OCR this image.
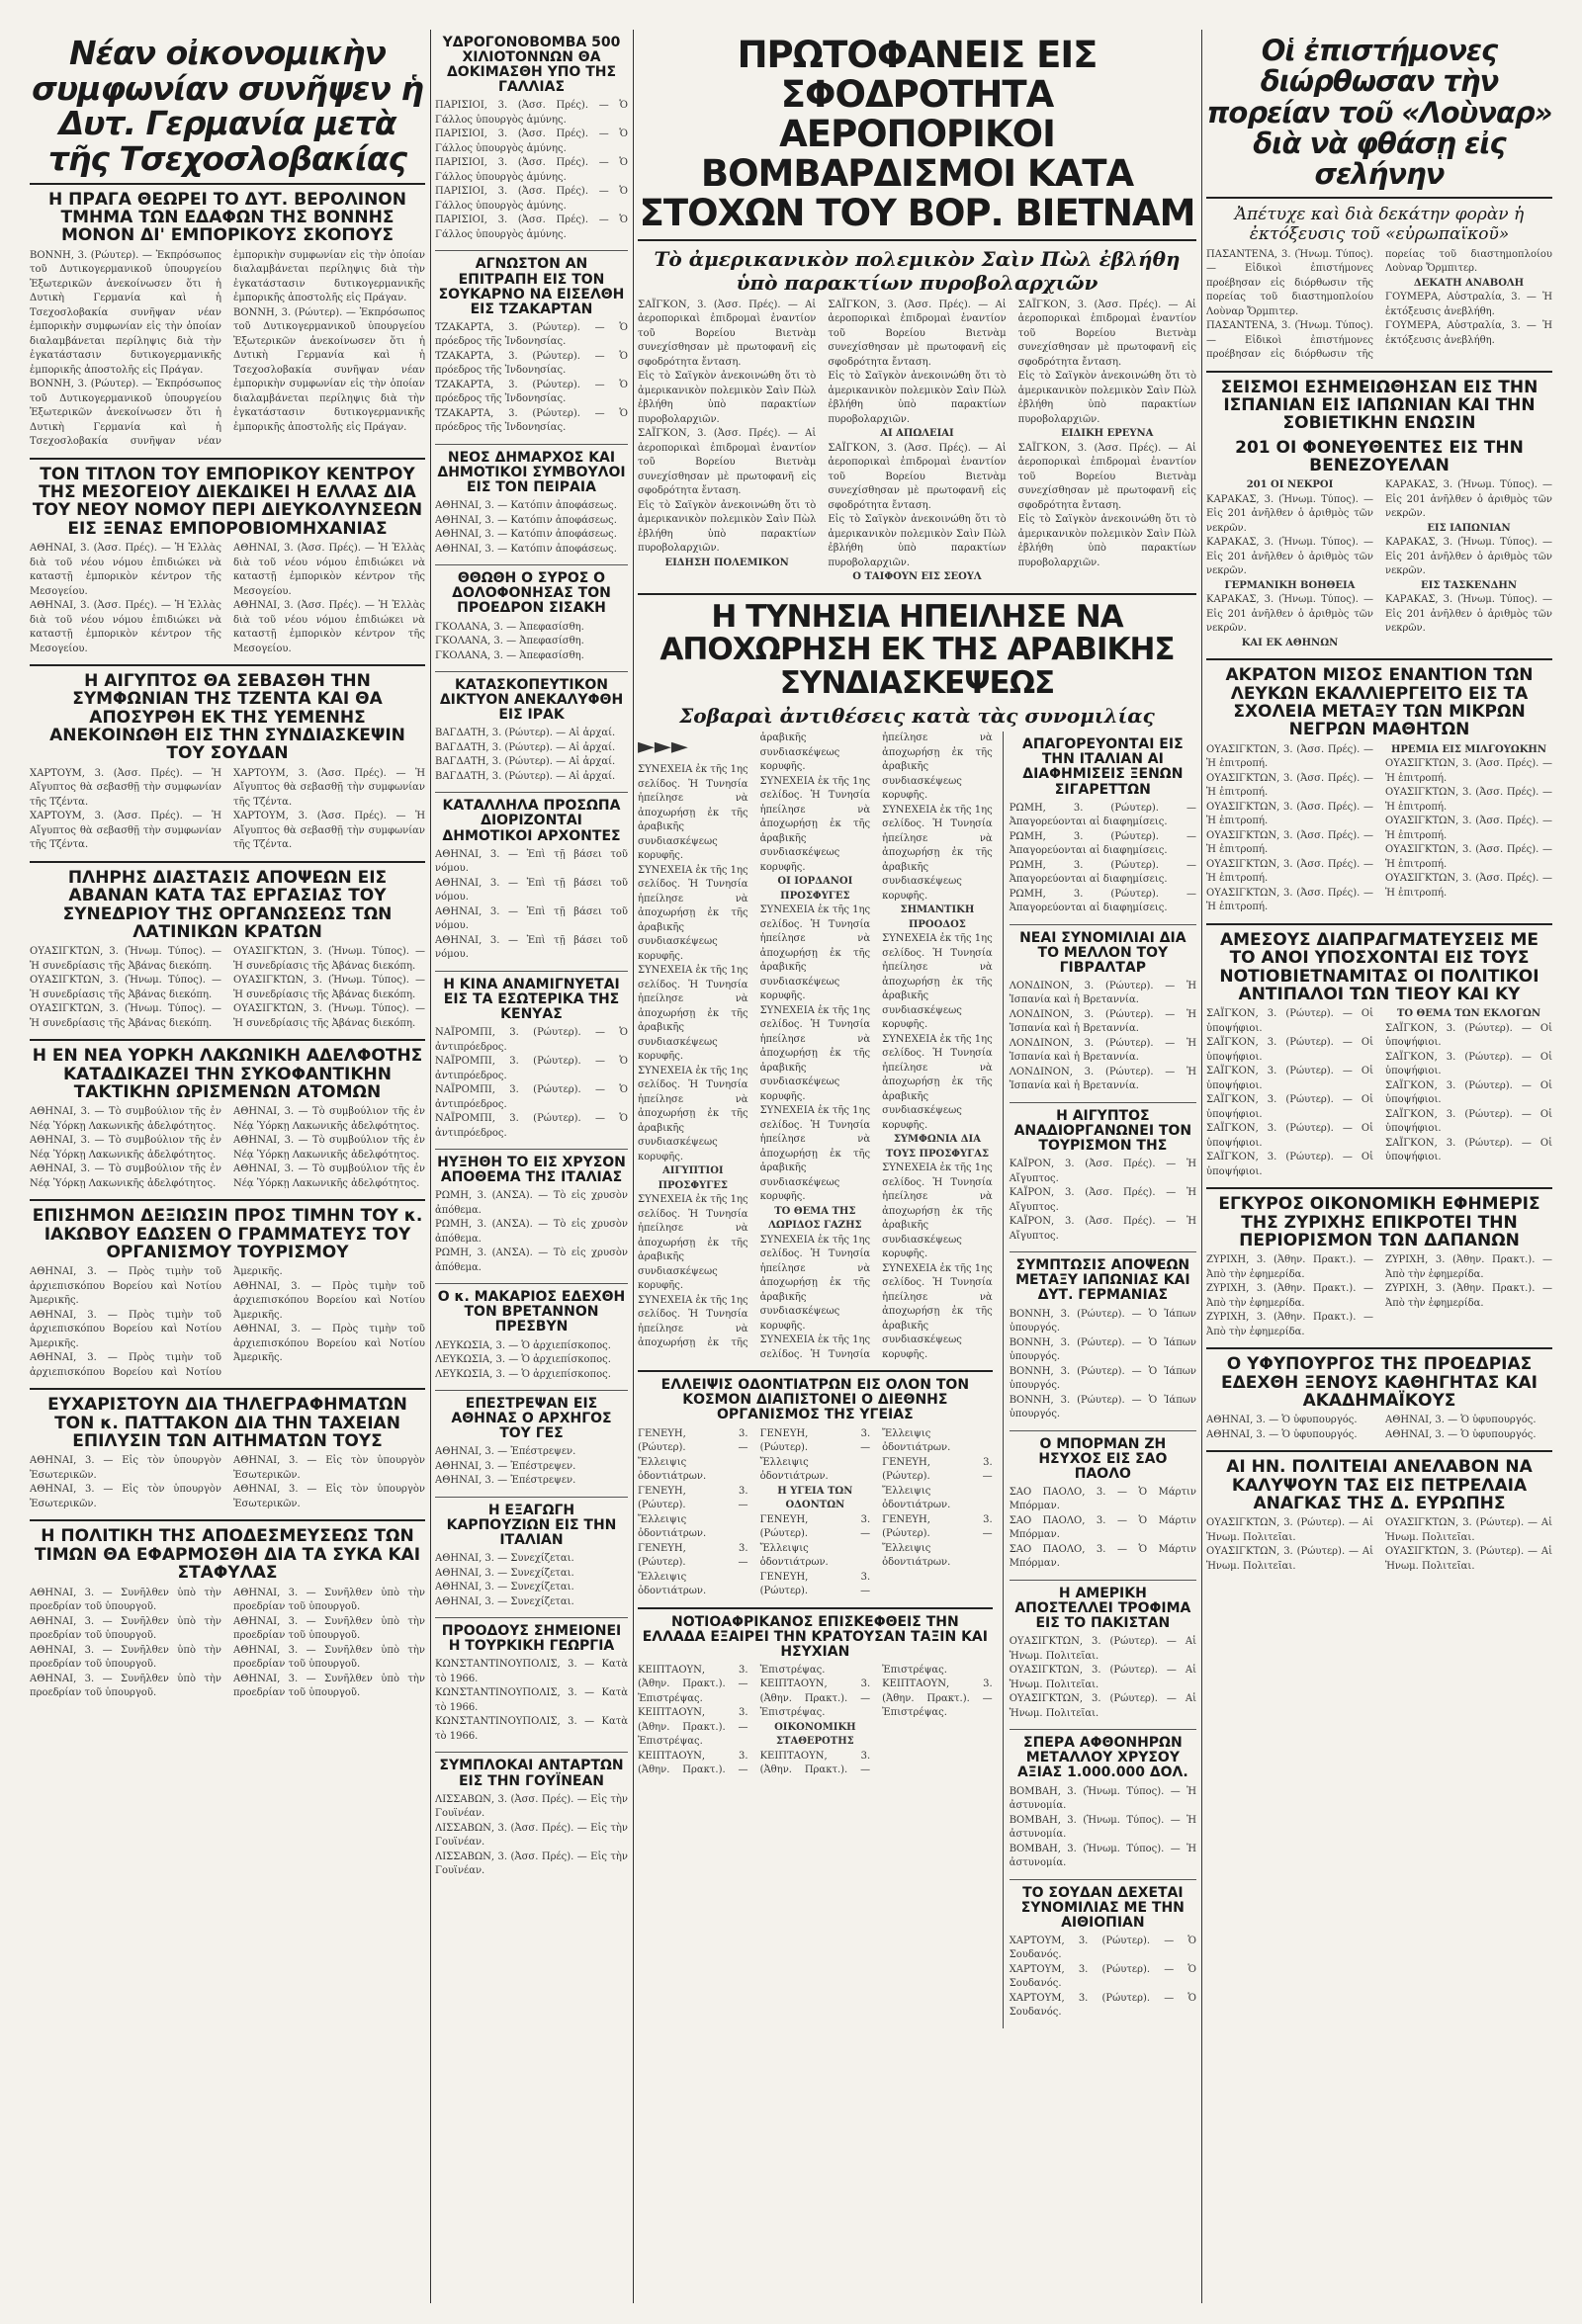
Νέαν οἰκονομικὴν συμφωνίαν συνῆψεν ἡ Δυτ. Γερμανία μετὰ τῆς Τσεχοσλοβακίας
Η ΠΡΑΓΑ ΘΕΩΡΕΙ ΤΟ ΔΥΤ. ΒΕΡΟΛΙΝΟΝ ΤΜΗΜΑ ΤΩΝ ΕΔΑΦΩΝ ΤΗΣ ΒΟΝΝΗΣ ΜΟΝΟΝ ΔΙ' ΕΜΠΟΡΙΚΟΥΣ ΣΚΟΠΟΥΣ
ΒΟΝΝΗ, 3. (Ρώυτερ). — Ἐκπρόσωπος τοῦ Δυτικογερμανικοῦ ὑπουργείου Ἐξωτερικῶν ἀνεκοίνωσεν ὅτι ἡ Δυτικὴ Γερμανία καὶ ἡ Τσεχοσλοβακία συνῆψαν νέαν ἐμπορικὴν συμφωνίαν εἰς τὴν ὁποίαν διαλαμβάνεται περίληψις διὰ τὴν ἐγκατάστασιν δυτικογερμανικῆς ἐμπορικῆς ἀποστολῆς εἰς Πράγαν.
ΒΟΝΝΗ, 3. (Ρώυτερ). — Ἐκπρόσωπος τοῦ Δυτικογερμανικοῦ ὑπουργείου Ἐξωτερικῶν ἀνεκοίνωσεν ὅτι ἡ Δυτικὴ Γερμανία καὶ ἡ Τσεχοσλοβακία συνῆψαν νέαν ἐμπορικὴν συμφωνίαν εἰς τὴν ὁποίαν διαλαμβάνεται περίληψις διὰ τὴν ἐγκατάστασιν δυτικογερμανικῆς ἐμπορικῆς ἀποστολῆς εἰς Πράγαν.
ΒΟΝΝΗ, 3. (Ρώυτερ). — Ἐκπρόσωπος τοῦ Δυτικογερμανικοῦ ὑπουργείου Ἐξωτερικῶν ἀνεκοίνωσεν ὅτι ἡ Δυτικὴ Γερμανία καὶ ἡ Τσεχοσλοβακία συνῆψαν νέαν ἐμπορικὴν συμφωνίαν εἰς τὴν ὁποίαν διαλαμβάνεται περίληψις διὰ τὴν ἐγκατάστασιν δυτικογερμανικῆς ἐμπορικῆς ἀποστολῆς εἰς Πράγαν.
ΤΟΝ ΤΙΤΛΟΝ ΤΟΥ ΕΜΠΟΡΙΚΟΥ ΚΕΝΤΡΟΥ ΤΗΣ ΜΕΣΟΓΕΙΟΥ ΔΙΕΚΔΙΚΕΙ Η ΕΛΛΑΣ ΔΙΑ ΤΟΥ ΝΕΟΥ ΝΟΜΟΥ ΠΕΡΙ ΔΙΕΥΚΟΛΥΝΣΕΩΝ ΕΙΣ ΞΕΝΑΣ ΕΜΠΟΡΟΒΙΟΜΗΧΑΝΙΑΣ
ΑΘΗΝΑΙ, 3. (Ἀσσ. Πρές). — Ἡ Ἑλλὰς διὰ τοῦ νέου νόμου ἐπιδιώκει νὰ καταστῇ ἐμπορικὸν κέντρον τῆς Μεσογείου.
ΑΘΗΝΑΙ, 3. (Ἀσσ. Πρές). — Ἡ Ἑλλὰς διὰ τοῦ νέου νόμου ἐπιδιώκει νὰ καταστῇ ἐμπορικὸν κέντρον τῆς Μεσογείου.
ΑΘΗΝΑΙ, 3. (Ἀσσ. Πρές). — Ἡ Ἑλλὰς διὰ τοῦ νέου νόμου ἐπιδιώκει νὰ καταστῇ ἐμπορικὸν κέντρον τῆς Μεσογείου.
ΑΘΗΝΑΙ, 3. (Ἀσσ. Πρές). — Ἡ Ἑλλὰς διὰ τοῦ νέου νόμου ἐπιδιώκει νὰ καταστῇ ἐμπορικὸν κέντρον τῆς Μεσογείου.
Η ΑΙΓΥΠΤΟΣ ΘΑ ΣΕΒΑΣΘΗ ΤΗΝ ΣΥΜΦΩΝΙΑΝ ΤΗΣ ΤΖΕΝΤΑ ΚΑΙ ΘΑ ΑΠΟΣΥΡΘΗ ΕΚ ΤΗΣ ΥΕΜΕΝΗΣ ΑΝΕΚΟΙΝΩΘΗ ΕΙΣ ΤΗΝ ΣΥΝΔΙΑΣΚΕΨΙΝ ΤΟΥ ΣΟΥΔΑΝ
ΧΑΡΤΟΥΜ, 3. (Ἀσσ. Πρές). — Ἡ Αἴγυπτος θὰ σεβασθῇ τὴν συμφωνίαν τῆς Τζέντα.
ΧΑΡΤΟΥΜ, 3. (Ἀσσ. Πρές). — Ἡ Αἴγυπτος θὰ σεβασθῇ τὴν συμφωνίαν τῆς Τζέντα.
ΧΑΡΤΟΥΜ, 3. (Ἀσσ. Πρές). — Ἡ Αἴγυπτος θὰ σεβασθῇ τὴν συμφωνίαν τῆς Τζέντα.
ΧΑΡΤΟΥΜ, 3. (Ἀσσ. Πρές). — Ἡ Αἴγυπτος θὰ σεβασθῇ τὴν συμφωνίαν τῆς Τζέντα.
ΠΛΗΡΗΣ ΔΙΑΣΤΑΣΙΣ ΑΠΟΨΕΩΝ ΕΙΣ ΑΒΑΝΑΝ ΚΑΤΑ ΤΑΣ ΕΡΓΑΣΙΑΣ ΤΟΥ ΣΥΝΕΔΡΙΟΥ ΤΗΣ ΟΡΓΑΝΩΣΕΩΣ ΤΩΝ ΛΑΤΙΝΙΚΩΝ ΚΡΑΤΩΝ
ΟΥΑΣΙΓΚΤΩΝ, 3. (Ἡνωμ. Τύπος). — Ἡ συνεδρίασις τῆς Ἀβάνας διεκόπη.
ΟΥΑΣΙΓΚΤΩΝ, 3. (Ἡνωμ. Τύπος). — Ἡ συνεδρίασις τῆς Ἀβάνας διεκόπη.
ΟΥΑΣΙΓΚΤΩΝ, 3. (Ἡνωμ. Τύπος). — Ἡ συνεδρίασις τῆς Ἀβάνας διεκόπη.
ΟΥΑΣΙΓΚΤΩΝ, 3. (Ἡνωμ. Τύπος). — Ἡ συνεδρίασις τῆς Ἀβάνας διεκόπη.
ΟΥΑΣΙΓΚΤΩΝ, 3. (Ἡνωμ. Τύπος). — Ἡ συνεδρίασις τῆς Ἀβάνας διεκόπη.
ΟΥΑΣΙΓΚΤΩΝ, 3. (Ἡνωμ. Τύπος). — Ἡ συνεδρίασις τῆς Ἀβάνας διεκόπη.
Η ΕΝ ΝΕΑ ΥΟΡΚΗ ΛΑΚΩΝΙΚΗ ΑΔΕΛΦΟΤΗΣ ΚΑΤΑΔΙΚΑΖΕΙ ΤΗΝ ΣΥΚΟΦΑΝΤΙΚΗΝ ΤΑΚΤΙΚΗΝ ΩΡΙΣΜΕΝΩΝ ΑΤΟΜΩΝ
ΑΘΗΝΑΙ, 3. — Τὸ συμβούλιον τῆς ἐν Νέᾳ Ὑόρκῃ Λακωνικῆς ἀδελφότητος.
ΑΘΗΝΑΙ, 3. — Τὸ συμβούλιον τῆς ἐν Νέᾳ Ὑόρκῃ Λακωνικῆς ἀδελφότητος.
ΑΘΗΝΑΙ, 3. — Τὸ συμβούλιον τῆς ἐν Νέᾳ Ὑόρκῃ Λακωνικῆς ἀδελφότητος.
ΑΘΗΝΑΙ, 3. — Τὸ συμβούλιον τῆς ἐν Νέᾳ Ὑόρκῃ Λακωνικῆς ἀδελφότητος.
ΑΘΗΝΑΙ, 3. — Τὸ συμβούλιον τῆς ἐν Νέᾳ Ὑόρκῃ Λακωνικῆς ἀδελφότητος.
ΑΘΗΝΑΙ, 3. — Τὸ συμβούλιον τῆς ἐν Νέᾳ Ὑόρκῃ Λακωνικῆς ἀδελφότητος.
ΕΠΙΣΗΜΟΝ ΔΕΞΙΩΣΙΝ ΠΡΟΣ ΤΙΜΗΝ ΤΟΥ κ. ΙΑΚΩΒΟΥ ΕΔΩΣΕΝ Ο ΓΡΑΜΜΑΤΕΥΣ ΤΟΥ ΟΡΓΑΝΙΣΜΟΥ ΤΟΥΡΙΣΜΟΥ
ΑΘΗΝΑΙ, 3. — Πρὸς τιμὴν τοῦ ἀρχιεπισκόπου Βορείου καὶ Νοτίου Ἀμερικῆς.
ΑΘΗΝΑΙ, 3. — Πρὸς τιμὴν τοῦ ἀρχιεπισκόπου Βορείου καὶ Νοτίου Ἀμερικῆς.
ΑΘΗΝΑΙ, 3. — Πρὸς τιμὴν τοῦ ἀρχιεπισκόπου Βορείου καὶ Νοτίου Ἀμερικῆς.
ΑΘΗΝΑΙ, 3. — Πρὸς τιμὴν τοῦ ἀρχιεπισκόπου Βορείου καὶ Νοτίου Ἀμερικῆς.
ΑΘΗΝΑΙ, 3. — Πρὸς τιμὴν τοῦ ἀρχιεπισκόπου Βορείου καὶ Νοτίου Ἀμερικῆς.
ΕΥΧΑΡΙΣΤΟΥΝ ΔΙΑ ΤΗΛΕΓΡΑΦΗΜΑΤΩΝ ΤΟΝ κ. ΠΑΤΤΑΚΟΝ ΔΙΑ ΤΗΝ ΤΑΧΕΙΑΝ ΕΠΙΛΥΣΙΝ ΤΩΝ ΑΙΤΗΜΑΤΩΝ ΤΟΥΣ
ΑΘΗΝΑΙ, 3. — Εἰς τὸν ὑπουργὸν Ἐσωτερικῶν.
ΑΘΗΝΑΙ, 3. — Εἰς τὸν ὑπουργὸν Ἐσωτερικῶν.
ΑΘΗΝΑΙ, 3. — Εἰς τὸν ὑπουργὸν Ἐσωτερικῶν.
ΑΘΗΝΑΙ, 3. — Εἰς τὸν ὑπουργὸν Ἐσωτερικῶν.
Η ΠΟΛΙΤΙΚΗ ΤΗΣ ΑΠΟΔΕΣΜΕΥΣΕΩΣ ΤΩΝ ΤΙΜΩΝ ΘΑ ΕΦΑΡΜΟΣΘΗ ΔΙΑ ΤΑ ΣΥΚΑ ΚΑΙ ΣΤΑΦΥΛΑΣ
ΑΘΗΝΑΙ, 3. — Συνῆλθεν ὑπὸ τὴν προεδρίαν τοῦ ὑπουργοῦ.
ΑΘΗΝΑΙ, 3. — Συνῆλθεν ὑπὸ τὴν προεδρίαν τοῦ ὑπουργοῦ.
ΑΘΗΝΑΙ, 3. — Συνῆλθεν ὑπὸ τὴν προεδρίαν τοῦ ὑπουργοῦ.
ΑΘΗΝΑΙ, 3. — Συνῆλθεν ὑπὸ τὴν προεδρίαν τοῦ ὑπουργοῦ.
ΑΘΗΝΑΙ, 3. — Συνῆλθεν ὑπὸ τὴν προεδρίαν τοῦ ὑπουργοῦ.
ΑΘΗΝΑΙ, 3. — Συνῆλθεν ὑπὸ τὴν προεδρίαν τοῦ ὑπουργοῦ.
ΑΘΗΝΑΙ, 3. — Συνῆλθεν ὑπὸ τὴν προεδρίαν τοῦ ὑπουργοῦ.
ΑΘΗΝΑΙ, 3. — Συνῆλθεν ὑπὸ τὴν προεδρίαν τοῦ ὑπουργοῦ.
ΥΔΡΟΓΟΝΟΒΟΜΒΑ 500 ΧΙΛΙΟΤΟΝΝΩΝ ΘΑ ΔΟΚΙΜΑΣΘΗ ΥΠΟ ΤΗΣ ΓΑΛΛΙΑΣ
ΠΑΡΙΣΙΟΙ, 3. (Ἀσσ. Πρές). — Ὁ Γάλλος ὑπουργὸς ἀμύνης.
ΠΑΡΙΣΙΟΙ, 3. (Ἀσσ. Πρές). — Ὁ Γάλλος ὑπουργὸς ἀμύνης.
ΠΑΡΙΣΙΟΙ, 3. (Ἀσσ. Πρές). — Ὁ Γάλλος ὑπουργὸς ἀμύνης.
ΠΑΡΙΣΙΟΙ, 3. (Ἀσσ. Πρές). — Ὁ Γάλλος ὑπουργὸς ἀμύνης.
ΠΑΡΙΣΙΟΙ, 3. (Ἀσσ. Πρές). — Ὁ Γάλλος ὑπουργὸς ἀμύνης.
ΑΓΝΩΣΤΟΝ ΑΝ ΕΠΙΤΡΑΠΗ ΕΙΣ ΤΟΝ ΣΟΥΚΑΡΝΟ ΝΑ ΕΙΣΕΛΘΗ ΕΙΣ ΤΖΑΚΑΡΤΑΝ
ΤΖΑΚΑΡΤΑ, 3. (Ρώυτερ). — Ὁ πρόεδρος τῆς Ἰνδονησίας.
ΤΖΑΚΑΡΤΑ, 3. (Ρώυτερ). — Ὁ πρόεδρος τῆς Ἰνδονησίας.
ΤΖΑΚΑΡΤΑ, 3. (Ρώυτερ). — Ὁ πρόεδρος τῆς Ἰνδονησίας.
ΤΖΑΚΑΡΤΑ, 3. (Ρώυτερ). — Ὁ πρόεδρος τῆς Ἰνδονησίας.
ΝΕΟΣ ΔΗΜΑΡΧΟΣ ΚΑΙ ΔΗΜΟΤΙΚΟΙ ΣΥΜΒΟΥΛΟΙ ΕΙΣ ΤΟΝ ΠΕΙΡΑΙΑ
ΑΘΗΝΑΙ, 3. — Κατόπιν ἀποφάσεως.
ΑΘΗΝΑΙ, 3. — Κατόπιν ἀποφάσεως.
ΑΘΗΝΑΙ, 3. — Κατόπιν ἀποφάσεως.
ΑΘΗΝΑΙ, 3. — Κατόπιν ἀποφάσεως.
ΘΘΩΘΗ Ο ΣΥΡΟΣ Ο ΔΟΛΟΦΟΝΗΣΑΣ ΤΟΝ ΠΡΟΕΔΡΟΝ ΣΙΣΑΚΗ
ΓΚΟΛΑΝΑ, 3. — Ἀπεφασίσθη.
ΓΚΟΛΑΝΑ, 3. — Ἀπεφασίσθη.
ΓΚΟΛΑΝΑ, 3. — Ἀπεφασίσθη.
ΚΑΤΑΣΚΟΠΕΥΤΙΚΟΝ ΔΙΚΤΥΟΝ ΑΝΕΚΑΛΥΦΘΗ ΕΙΣ ΙΡΑΚ
ΒΑΓΔΑΤΗ, 3. (Ρώυτερ). — Αἱ ἀρχαί.
ΒΑΓΔΑΤΗ, 3. (Ρώυτερ). — Αἱ ἀρχαί.
ΒΑΓΔΑΤΗ, 3. (Ρώυτερ). — Αἱ ἀρχαί.
ΒΑΓΔΑΤΗ, 3. (Ρώυτερ). — Αἱ ἀρχαί.
ΚΑΤΑΛΛΗΛΑ ΠΡΟΣΩΠΑ ΔΙΟΡΙΖΟΝΤΑΙ ΔΗΜΟΤΙΚΟΙ ΑΡΧΟΝΤΕΣ
ΑΘΗΝΑΙ, 3. — Ἐπὶ τῇ βάσει τοῦ νόμου.
ΑΘΗΝΑΙ, 3. — Ἐπὶ τῇ βάσει τοῦ νόμου.
ΑΘΗΝΑΙ, 3. — Ἐπὶ τῇ βάσει τοῦ νόμου.
ΑΘΗΝΑΙ, 3. — Ἐπὶ τῇ βάσει τοῦ νόμου.
Η ΚΙΝΑ ΑΝΑΜΙΓΝΥΕΤΑΙ ΕΙΣ ΤΑ ΕΣΩΤΕΡΙΚΑ ΤΗΣ ΚΕΝΥΑΣ
ΝΑΪΡΟΜΠΙ, 3. (Ρώυτερ). — Ὁ ἀντιπρόεδρος.
ΝΑΪΡΟΜΠΙ, 3. (Ρώυτερ). — Ὁ ἀντιπρόεδρος.
ΝΑΪΡΟΜΠΙ, 3. (Ρώυτερ). — Ὁ ἀντιπρόεδρος.
ΝΑΪΡΟΜΠΙ, 3. (Ρώυτερ). — Ὁ ἀντιπρόεδρος.
ΗΥΞΗΘΗ ΤΟ ΕΙΣ ΧΡΥΣΟΝ ΑΠΟΘΕΜΑ ΤΗΣ ΙΤΑΛΙΑΣ
ΡΩΜΗ, 3. (ΑΝΣΑ). — Τὸ εἰς χρυσὸν ἀπόθεμα.
ΡΩΜΗ, 3. (ΑΝΣΑ). — Τὸ εἰς χρυσὸν ἀπόθεμα.
ΡΩΜΗ, 3. (ΑΝΣΑ). — Τὸ εἰς χρυσὸν ἀπόθεμα.
Ο κ. ΜΑΚΑΡΙΟΣ ΕΔΕΧΘΗ ΤΟΝ ΒΡΕΤΑΝΝΟΝ ΠΡΕΣΒΥΝ
ΛΕΥΚΩΣΙΑ, 3. — Ὁ ἀρχιεπίσκοπος.
ΛΕΥΚΩΣΙΑ, 3. — Ὁ ἀρχιεπίσκοπος.
ΛΕΥΚΩΣΙΑ, 3. — Ὁ ἀρχιεπίσκοπος.
ΕΠΕΣΤΡΕΨΑΝ ΕΙΣ ΑΘΗΝΑΣ Ο ΑΡΧΗΓΟΣ ΤΟΥ ΓΕΣ
ΑΘΗΝΑΙ, 3. — Ἐπέστρεψεν.
ΑΘΗΝΑΙ, 3. — Ἐπέστρεψεν.
ΑΘΗΝΑΙ, 3. — Ἐπέστρεψεν.
Η ΕΞΑΓΩΓΗ ΚΑΡΠΟΥΖΙΩΝ ΕΙΣ ΤΗΝ ΙΤΑΛΙΑΝ
ΑΘΗΝΑΙ, 3. — Συνεχίζεται.
ΑΘΗΝΑΙ, 3. — Συνεχίζεται.
ΑΘΗΝΑΙ, 3. — Συνεχίζεται.
ΑΘΗΝΑΙ, 3. — Συνεχίζεται.
ΠΡΟΟΔΟΥΣ ΣΗΜΕΙΟΝΕΙ Η ΤΟΥΡΚΙΚΗ ΓΕΩΡΓΙΑ
ΚΩΝΣΤΑΝΤΙΝΟΥΠΟΛΙΣ, 3. — Κατὰ τὸ 1966.
ΚΩΝΣΤΑΝΤΙΝΟΥΠΟΛΙΣ, 3. — Κατὰ τὸ 1966.
ΚΩΝΣΤΑΝΤΙΝΟΥΠΟΛΙΣ, 3. — Κατὰ τὸ 1966.
ΣΥΜΠΛΟΚΑΙ ΑΝΤΑΡΤΩΝ ΕΙΣ ΤΗΝ ΓΟΥΪΝΕΑΝ
ΛΙΣΣΑΒΩΝ, 3. (Ἀσσ. Πρές). — Εἰς τὴν Γουϊνέαν.
ΛΙΣΣΑΒΩΝ, 3. (Ἀσσ. Πρές). — Εἰς τὴν Γουϊνέαν.
ΛΙΣΣΑΒΩΝ, 3. (Ἀσσ. Πρές). — Εἰς τὴν Γουϊνέαν.
ΠΡΩΤΟΦΑΝΕΙΣ ΕΙΣ ΣΦΟΔΡΟΤΗΤΑ ΑΕΡΟΠΟΡΙΚΟΙ ΒΟΜΒΑΡΔΙΣΜΟΙ ΚΑΤΑ ΣΤΟΧΩΝ ΤΟΥ ΒΟΡ. ΒΙΕΤΝΑΜ
Τὸ ἀμερικανικὸν πολεμικὸν Σαὶν Πὼλ ἐβλήθη ὑπὸ παρακτίων πυροβολαρχιῶν
ΣΑΪΓΚΟΝ, 3. (Ἀσσ. Πρές). — Αἱ ἀεροπορικαὶ ἐπιδρομαὶ ἐναντίον τοῦ Βορείου Βιετνὰμ συνεχίσθησαν μὲ πρωτοφανῆ εἰς σφοδρότητα ἔνταση.
Εἰς τὸ Σαϊγκὸν ἀνεκοινώθη ὅτι τὸ ἀμερικανικὸν πολεμικὸν Σαὶν Πὼλ ἐβλήθη ὑπὸ παρακτίων πυροβολαρχιῶν.
ΣΑΪΓΚΟΝ, 3. (Ἀσσ. Πρές). — Αἱ ἀεροπορικαὶ ἐπιδρομαὶ ἐναντίον τοῦ Βορείου Βιετνὰμ συνεχίσθησαν μὲ πρωτοφανῆ εἰς σφοδρότητα ἔνταση.
Εἰς τὸ Σαϊγκὸν ἀνεκοινώθη ὅτι τὸ ἀμερικανικὸν πολεμικὸν Σαὶν Πὼλ ἐβλήθη ὑπὸ παρακτίων πυροβολαρχιῶν.
ΕΙΔΗΣΗ ΠΟΛΕΜΙΚΟΝ
ΣΑΪΓΚΟΝ, 3. (Ἀσσ. Πρές). — Αἱ ἀεροπορικαὶ ἐπιδρομαὶ ἐναντίον τοῦ Βορείου Βιετνὰμ συνεχίσθησαν μὲ πρωτοφανῆ εἰς σφοδρότητα ἔνταση.
Εἰς τὸ Σαϊγκὸν ἀνεκοινώθη ὅτι τὸ ἀμερικανικὸν πολεμικὸν Σαὶν Πὼλ ἐβλήθη ὑπὸ παρακτίων πυροβολαρχιῶν.
ΑΙ ΑΠΩΛΕΙΑΙ
ΣΑΪΓΚΟΝ, 3. (Ἀσσ. Πρές). — Αἱ ἀεροπορικαὶ ἐπιδρομαὶ ἐναντίον τοῦ Βορείου Βιετνὰμ συνεχίσθησαν μὲ πρωτοφανῆ εἰς σφοδρότητα ἔνταση.
Εἰς τὸ Σαϊγκὸν ἀνεκοινώθη ὅτι τὸ ἀμερικανικὸν πολεμικὸν Σαὶν Πὼλ ἐβλήθη ὑπὸ παρακτίων πυροβολαρχιῶν.
Ο ΤΑΙΦΟΥΝ ΕΙΣ ΣΕΟΥΛ
ΣΑΪΓΚΟΝ, 3. (Ἀσσ. Πρές). — Αἱ ἀεροπορικαὶ ἐπιδρομαὶ ἐναντίον τοῦ Βορείου Βιετνὰμ συνεχίσθησαν μὲ πρωτοφανῆ εἰς σφοδρότητα ἔνταση.
Εἰς τὸ Σαϊγκὸν ἀνεκοινώθη ὅτι τὸ ἀμερικανικὸν πολεμικὸν Σαὶν Πὼλ ἐβλήθη ὑπὸ παρακτίων πυροβολαρχιῶν.
ΕΙΔΙΚΗ ΕΡΕΥΝΑ
ΣΑΪΓΚΟΝ, 3. (Ἀσσ. Πρές). — Αἱ ἀεροπορικαὶ ἐπιδρομαὶ ἐναντίον τοῦ Βορείου Βιετνὰμ συνεχίσθησαν μὲ πρωτοφανῆ εἰς σφοδρότητα ἔνταση.
Εἰς τὸ Σαϊγκὸν ἀνεκοινώθη ὅτι τὸ ἀμερικανικὸν πολεμικὸν Σαὶν Πὼλ ἐβλήθη ὑπὸ παρακτίων πυροβολαρχιῶν.
Η ΤΥΝΗΣΙΑ ΗΠΕΙΛΗΣΕ ΝΑ ΑΠΟΧΩΡΗΣΗ ΕΚ ΤΗΣ ΑΡΑΒΙΚΗΣ ΣΥΝΔΙΑΣΚΕΨΕΩΣ
Σοβαραὶ ἀντιθέσεις κατὰ τὰς συνομιλίας
►►►
ΣΥΝΕΧΕΙΑ ἐκ τῆς 1ης σελίδος. Ἡ Τυνησία ἠπείλησε νὰ ἀποχωρήσῃ ἐκ τῆς ἀραβικῆς συνδιασκέψεως κορυφῆς.
ΣΥΝΕΧΕΙΑ ἐκ τῆς 1ης σελίδος. Ἡ Τυνησία ἠπείλησε νὰ ἀποχωρήσῃ ἐκ τῆς ἀραβικῆς συνδιασκέψεως κορυφῆς.
ΣΥΝΕΧΕΙΑ ἐκ τῆς 1ης σελίδος. Ἡ Τυνησία ἠπείλησε νὰ ἀποχωρήσῃ ἐκ τῆς ἀραβικῆς συνδιασκέψεως κορυφῆς.
ΣΥΝΕΧΕΙΑ ἐκ τῆς 1ης σελίδος. Ἡ Τυνησία ἠπείλησε νὰ ἀποχωρήσῃ ἐκ τῆς ἀραβικῆς συνδιασκέψεως κορυφῆς.
ΑΙΓΥΠΤΙΟΙ ΠΡΟΣΦΥΓΕΣ
ΣΥΝΕΧΕΙΑ ἐκ τῆς 1ης σελίδος. Ἡ Τυνησία ἠπείλησε νὰ ἀποχωρήσῃ ἐκ τῆς ἀραβικῆς συνδιασκέψεως κορυφῆς.
ΣΥΝΕΧΕΙΑ ἐκ τῆς 1ης σελίδος. Ἡ Τυνησία ἠπείλησε νὰ ἀποχωρήσῃ ἐκ τῆς ἀραβικῆς συνδιασκέψεως κορυφῆς.
ΣΥΝΕΧΕΙΑ ἐκ τῆς 1ης σελίδος. Ἡ Τυνησία ἠπείλησε νὰ ἀποχωρήσῃ ἐκ τῆς ἀραβικῆς συνδιασκέψεως κορυφῆς.
ΟΙ ΙΟΡΔΑΝΟΙ ΠΡΟΣΦΥΓΕΣ
ΣΥΝΕΧΕΙΑ ἐκ τῆς 1ης σελίδος. Ἡ Τυνησία ἠπείλησε νὰ ἀποχωρήσῃ ἐκ τῆς ἀραβικῆς συνδιασκέψεως κορυφῆς.
ΣΥΝΕΧΕΙΑ ἐκ τῆς 1ης σελίδος. Ἡ Τυνησία ἠπείλησε νὰ ἀποχωρήσῃ ἐκ τῆς ἀραβικῆς συνδιασκέψεως κορυφῆς.
ΣΥΝΕΧΕΙΑ ἐκ τῆς 1ης σελίδος. Ἡ Τυνησία ἠπείλησε νὰ ἀποχωρήσῃ ἐκ τῆς ἀραβικῆς συνδιασκέψεως κορυφῆς.
ΤΟ ΘΕΜΑ ΤΗΣ ΛΩΡΙΔΟΣ ΓΑΖΗΣ
ΣΥΝΕΧΕΙΑ ἐκ τῆς 1ης σελίδος. Ἡ Τυνησία ἠπείλησε νὰ ἀποχωρήσῃ ἐκ τῆς ἀραβικῆς συνδιασκέψεως κορυφῆς.
ΣΥΝΕΧΕΙΑ ἐκ τῆς 1ης σελίδος. Ἡ Τυνησία ἠπείλησε νὰ ἀποχωρήσῃ ἐκ τῆς ἀραβικῆς συνδιασκέψεως κορυφῆς.
ΣΥΝΕΧΕΙΑ ἐκ τῆς 1ης σελίδος. Ἡ Τυνησία ἠπείλησε νὰ ἀποχωρήσῃ ἐκ τῆς ἀραβικῆς συνδιασκέψεως κορυφῆς.
ΣΗΜΑΝΤΙΚΗ ΠΡΟΟΔΟΣ
ΣΥΝΕΧΕΙΑ ἐκ τῆς 1ης σελίδος. Ἡ Τυνησία ἠπείλησε νὰ ἀποχωρήσῃ ἐκ τῆς ἀραβικῆς συνδιασκέψεως κορυφῆς.
ΣΥΝΕΧΕΙΑ ἐκ τῆς 1ης σελίδος. Ἡ Τυνησία ἠπείλησε νὰ ἀποχωρήσῃ ἐκ τῆς ἀραβικῆς συνδιασκέψεως κορυφῆς.
ΣΥΜΦΩΝΙΑ ΔΙΑ ΤΟΥΣ ΠΡΟΣΦΥΓΑΣ
ΣΥΝΕΧΕΙΑ ἐκ τῆς 1ης σελίδος. Ἡ Τυνησία ἠπείλησε νὰ ἀποχωρήσῃ ἐκ τῆς ἀραβικῆς συνδιασκέψεως κορυφῆς.
ΣΥΝΕΧΕΙΑ ἐκ τῆς 1ης σελίδος. Ἡ Τυνησία ἠπείλησε νὰ ἀποχωρήσῃ ἐκ τῆς ἀραβικῆς συνδιασκέψεως κορυφῆς.
ΕΛΛΕΙΨΙΣ ΟΔΟΝΤΙΑΤΡΩΝ ΕΙΣ ΟΛΟΝ ΤΟΝ ΚΟΣΜΟΝ ΔΙΑΠΙΣΤΟΝΕΙ Ο ΔΙΕΘΝΗΣ ΟΡΓΑΝΙΣΜΟΣ ΤΗΣ ΥΓΕΙΑΣ
ΓΕΝΕΥΗ, 3. (Ρώυτερ). — Ἔλλειψις ὀδοντιάτρων.
ΓΕΝΕΥΗ, 3. (Ρώυτερ). — Ἔλλειψις ὀδοντιάτρων.
ΓΕΝΕΥΗ, 3. (Ρώυτερ). — Ἔλλειψις ὀδοντιάτρων.
ΓΕΝΕΥΗ, 3. (Ρώυτερ). — Ἔλλειψις ὀδοντιάτρων.
Η ΥΓΕΙΑ ΤΩΝ ΟΔΟΝΤΩΝ
ΓΕΝΕΥΗ, 3. (Ρώυτερ). — Ἔλλειψις ὀδοντιάτρων.
ΓΕΝΕΥΗ, 3. (Ρώυτερ). — Ἔλλειψις ὀδοντιάτρων.
ΓΕΝΕΥΗ, 3. (Ρώυτερ). — Ἔλλειψις ὀδοντιάτρων.
ΓΕΝΕΥΗ, 3. (Ρώυτερ). — Ἔλλειψις ὀδοντιάτρων.
ΝΟΤΙΟΑΦΡΙΚΑΝΟΣ ΕΠΙΣΚΕΦΘΕΙΣ ΤΗΝ ΕΛΛΑΔΑ ΕΞΑΙΡΕΙ ΤΗΝ ΚΡΑΤΟΥΣΑΝ ΤΑΞΙΝ ΚΑΙ ΗΣΥΧΙΑΝ
ΚΕΙΠΤΑΟΥΝ, 3. (Ἀθην. Πρακτ.). — Ἐπιστρέψας.
ΚΕΙΠΤΑΟΥΝ, 3. (Ἀθην. Πρακτ.). — Ἐπιστρέψας.
ΚΕΙΠΤΑΟΥΝ, 3. (Ἀθην. Πρακτ.). — Ἐπιστρέψας.
ΚΕΙΠΤΑΟΥΝ, 3. (Ἀθην. Πρακτ.). — Ἐπιστρέψας.
ΟΙΚΟΝΟΜΙΚΗ ΣΤΑΘΕΡΟΤΗΣ
ΚΕΙΠΤΑΟΥΝ, 3. (Ἀθην. Πρακτ.). — Ἐπιστρέψας.
ΚΕΙΠΤΑΟΥΝ, 3. (Ἀθην. Πρακτ.). — Ἐπιστρέψας.
ΑΠΑΓΟΡΕΥΟΝΤΑΙ ΕΙΣ ΤΗΝ ΙΤΑΛΙΑΝ ΑΙ ΔΙΑΦΗΜΙΣΕΙΣ ΞΕΝΩΝ ΣΙΓΑΡΕΤΤΩΝ
ΡΩΜΗ, 3. (Ρώυτερ). — Ἀπαγορεύονται αἱ διαφημίσεις.
ΡΩΜΗ, 3. (Ρώυτερ). — Ἀπαγορεύονται αἱ διαφημίσεις.
ΡΩΜΗ, 3. (Ρώυτερ). — Ἀπαγορεύονται αἱ διαφημίσεις.
ΡΩΜΗ, 3. (Ρώυτερ). — Ἀπαγορεύονται αἱ διαφημίσεις.
ΝΕΑΙ ΣΥΝΟΜΙΛΙΑΙ ΔΙΑ ΤΟ ΜΕΛΛΟΝ ΤΟΥ ΓΙΒΡΑΛΤΑΡ
ΛΟΝΔΙΝΟΝ, 3. (Ρώυτερ). — Ἡ Ἱσπανία καὶ ἡ Βρεταννία.
ΛΟΝΔΙΝΟΝ, 3. (Ρώυτερ). — Ἡ Ἱσπανία καὶ ἡ Βρεταννία.
ΛΟΝΔΙΝΟΝ, 3. (Ρώυτερ). — Ἡ Ἱσπανία καὶ ἡ Βρεταννία.
ΛΟΝΔΙΝΟΝ, 3. (Ρώυτερ). — Ἡ Ἱσπανία καὶ ἡ Βρεταννία.
Η ΑΙΓΥΠΤΟΣ ΑΝΑΔΙΟΡΓΑΝΩΝΕΙ ΤΟΝ ΤΟΥΡΙΣΜΟΝ ΤΗΣ
ΚΑΪΡΟΝ, 3. (Ἀσσ. Πρές). — Ἡ Αἴγυπτος.
ΚΑΪΡΟΝ, 3. (Ἀσσ. Πρές). — Ἡ Αἴγυπτος.
ΚΑΪΡΟΝ, 3. (Ἀσσ. Πρές). — Ἡ Αἴγυπτος.
ΣΥΜΠΤΩΣΙΣ ΑΠΟΨΕΩΝ ΜΕΤΑΞΥ ΙΑΠΩΝΙΑΣ ΚΑΙ ΔΥΤ. ΓΕΡΜΑΝΙΑΣ
ΒΟΝΝΗ, 3. (Ρώυτερ). — Ὁ Ἰάπων ὑπουργός.
ΒΟΝΝΗ, 3. (Ρώυτερ). — Ὁ Ἰάπων ὑπουργός.
ΒΟΝΝΗ, 3. (Ρώυτερ). — Ὁ Ἰάπων ὑπουργός.
ΒΟΝΝΗ, 3. (Ρώυτερ). — Ὁ Ἰάπων ὑπουργός.
Ο ΜΠΟΡΜΑΝ ΖΗ ΗΣΥΧΟΣ ΕΙΣ ΣΑΟ ΠΑΟΛΟ
ΣΑΟ ΠΑΟΛΟ, 3. — Ὁ Μάρτιν Μπόρμαν.
ΣΑΟ ΠΑΟΛΟ, 3. — Ὁ Μάρτιν Μπόρμαν.
ΣΑΟ ΠΑΟΛΟ, 3. — Ὁ Μάρτιν Μπόρμαν.
Η ΑΜΕΡΙΚΗ ΑΠΟΣΤΕΛΛΕΙ ΤΡΟΦΙΜΑ ΕΙΣ ΤΟ ΠΑΚΙΣΤΑΝ
ΟΥΑΣΙΓΚΤΩΝ, 3. (Ρώυτερ). — Αἱ Ἡνωμ. Πολιτεῖαι.
ΟΥΑΣΙΓΚΤΩΝ, 3. (Ρώυτερ). — Αἱ Ἡνωμ. Πολιτεῖαι.
ΟΥΑΣΙΓΚΤΩΝ, 3. (Ρώυτερ). — Αἱ Ἡνωμ. Πολιτεῖαι.
ΣΠΕΡΑ ΑΦΘΟΝΗΡΩΝ ΜΕΤΑΛΛΟΥ ΧΡΥΣΟΥ ΑΞΙΑΣ 1.000.000 ΔΟΛ.
ΒΟΜΒΑΗ, 3. (Ἡνωμ. Τύπος). — Ἡ ἀστυνομία.
ΒΟΜΒΑΗ, 3. (Ἡνωμ. Τύπος). — Ἡ ἀστυνομία.
ΒΟΜΒΑΗ, 3. (Ἡνωμ. Τύπος). — Ἡ ἀστυνομία.
ΤΟ ΣΟΥΔΑΝ ΔΕΧΕΤΑΙ ΣΥΝΟΜΙΛΙΑΣ ΜΕ ΤΗΝ ΑΙΘΙΟΠΙΑΝ
ΧΑΡΤΟΥΜ, 3. (Ρώυτερ). — Ὁ Σουδανός.
ΧΑΡΤΟΥΜ, 3. (Ρώυτερ). — Ὁ Σουδανός.
ΧΑΡΤΟΥΜ, 3. (Ρώυτερ). — Ὁ Σουδανός.
Οἱ ἐπιστήμονες διώρθωσαν τὴν πορείαν τοῦ «Λοὺναρ» διὰ νὰ φθάσῃ εἰς σελήνην
Ἀπέτυχε καὶ διὰ δεκάτην φορὰν ἡ ἐκτόξευσις τοῦ «εὐρωπαϊκοῦ»
ΠΑΣΑΝΤΕΝΑ, 3. (Ἡνωμ. Τύπος). — Εἰδικοὶ ἐπιστήμονες προέβησαν εἰς διόρθωσιν τῆς πορείας τοῦ διαστημοπλοίου Λοὺναρ Ὄρμπιτερ.
ΠΑΣΑΝΤΕΝΑ, 3. (Ἡνωμ. Τύπος). — Εἰδικοὶ ἐπιστήμονες προέβησαν εἰς διόρθωσιν τῆς πορείας τοῦ διαστημοπλοίου Λοὺναρ Ὄρμπιτερ.
ΔΕΚΑΤΗ ΑΝΑΒΟΛΗ
ΓΟΥΜΕΡΑ, Αὐστραλία, 3. — Ἡ ἐκτόξευσις ἀνεβλήθη.
ΓΟΥΜΕΡΑ, Αὐστραλία, 3. — Ἡ ἐκτόξευσις ἀνεβλήθη.
ΣΕΙΣΜΟΙ ΕΣΗΜΕΙΩΘΗΣΑΝ ΕΙΣ ΤΗΝ ΙΣΠΑΝΙΑΝ ΕΙΣ ΙΑΠΩΝΙΑΝ ΚΑΙ ΤΗΝ ΣΟΒΙΕΤΙΚΗΝ ΕΝΩΣΙΝ
201 ΟΙ ΦΟΝΕΥΘΕΝΤΕΣ ΕΙΣ ΤΗΝ ΒΕΝΕΖΟΥΕΛΑΝ
201 ΟΙ ΝΕΚΡΟΙ
ΚΑΡΑΚΑΣ, 3. (Ἡνωμ. Τύπος). — Εἰς 201 ἀνῆλθεν ὁ ἀριθμὸς τῶν νεκρῶν.
ΚΑΡΑΚΑΣ, 3. (Ἡνωμ. Τύπος). — Εἰς 201 ἀνῆλθεν ὁ ἀριθμὸς τῶν νεκρῶν.
ΓΕΡΜΑΝΙΚΗ ΒΟΗΘΕΙΑ
ΚΑΡΑΚΑΣ, 3. (Ἡνωμ. Τύπος). — Εἰς 201 ἀνῆλθεν ὁ ἀριθμὸς τῶν νεκρῶν.
ΚΑΙ ΕΚ ΑΘΗΝΩΝ
ΚΑΡΑΚΑΣ, 3. (Ἡνωμ. Τύπος). — Εἰς 201 ἀνῆλθεν ὁ ἀριθμὸς τῶν νεκρῶν.
ΕΙΣ ΙΑΠΩΝΙΑΝ
ΚΑΡΑΚΑΣ, 3. (Ἡνωμ. Τύπος). — Εἰς 201 ἀνῆλθεν ὁ ἀριθμὸς τῶν νεκρῶν.
ΕΙΣ ΤΑΣΚΕΝΔΗΝ
ΚΑΡΑΚΑΣ, 3. (Ἡνωμ. Τύπος). — Εἰς 201 ἀνῆλθεν ὁ ἀριθμὸς τῶν νεκρῶν.
ΑΚΡΑΤΟΝ ΜΙΣΟΣ ΕΝΑΝΤΙΟΝ ΤΩΝ ΛΕΥΚΩΝ ΕΚΑΛΛΙΕΡΓΕΙΤΟ ΕΙΣ ΤΑ ΣΧΟΛΕΙΑ ΜΕΤΑΞΥ ΤΩΝ ΜΙΚΡΩΝ ΝΕΓΡΩΝ ΜΑΘΗΤΩΝ
ΟΥΑΣΙΓΚΤΩΝ, 3. (Ἀσσ. Πρές). — Ἡ ἐπιτροπή.
ΟΥΑΣΙΓΚΤΩΝ, 3. (Ἀσσ. Πρές). — Ἡ ἐπιτροπή.
ΟΥΑΣΙΓΚΤΩΝ, 3. (Ἀσσ. Πρές). — Ἡ ἐπιτροπή.
ΟΥΑΣΙΓΚΤΩΝ, 3. (Ἀσσ. Πρές). — Ἡ ἐπιτροπή.
ΟΥΑΣΙΓΚΤΩΝ, 3. (Ἀσσ. Πρές). — Ἡ ἐπιτροπή.
ΟΥΑΣΙΓΚΤΩΝ, 3. (Ἀσσ. Πρές). — Ἡ ἐπιτροπή.
ΗΡΕΜΙΑ ΕΙΣ ΜΙΛΓΟΥΩΚΗΝ
ΟΥΑΣΙΓΚΤΩΝ, 3. (Ἀσσ. Πρές). — Ἡ ἐπιτροπή.
ΟΥΑΣΙΓΚΤΩΝ, 3. (Ἀσσ. Πρές). — Ἡ ἐπιτροπή.
ΟΥΑΣΙΓΚΤΩΝ, 3. (Ἀσσ. Πρές). — Ἡ ἐπιτροπή.
ΟΥΑΣΙΓΚΤΩΝ, 3. (Ἀσσ. Πρές). — Ἡ ἐπιτροπή.
ΟΥΑΣΙΓΚΤΩΝ, 3. (Ἀσσ. Πρές). — Ἡ ἐπιτροπή.
ΑΜΕΣΟΥΣ ΔΙΑΠΡΑΓΜΑΤΕΥΣΕΙΣ ΜΕ ΤΟ ΑΝΟΙ ΥΠΟΣΧΟΝΤΑΙ ΕΙΣ ΤΟΥΣ ΝΟΤΙΟΒΙΕΤΝΑΜΙΤΑΣ ΟΙ ΠΟΛΙΤΙΚΟΙ ΑΝΤΙΠΑΛΟΙ ΤΩΝ ΤΙΕΟΥ ΚΑΙ ΚΥ
ΣΑΪΓΚΟΝ, 3. (Ρώυτερ). — Οἱ ὑποψήφιοι.
ΣΑΪΓΚΟΝ, 3. (Ρώυτερ). — Οἱ ὑποψήφιοι.
ΣΑΪΓΚΟΝ, 3. (Ρώυτερ). — Οἱ ὑποψήφιοι.
ΣΑΪΓΚΟΝ, 3. (Ρώυτερ). — Οἱ ὑποψήφιοι.
ΣΑΪΓΚΟΝ, 3. (Ρώυτερ). — Οἱ ὑποψήφιοι.
ΣΑΪΓΚΟΝ, 3. (Ρώυτερ). — Οἱ ὑποψήφιοι.
ΤΟ ΘΕΜΑ ΤΩΝ ΕΚΛΟΓΩΝ
ΣΑΪΓΚΟΝ, 3. (Ρώυτερ). — Οἱ ὑποψήφιοι.
ΣΑΪΓΚΟΝ, 3. (Ρώυτερ). — Οἱ ὑποψήφιοι.
ΣΑΪΓΚΟΝ, 3. (Ρώυτερ). — Οἱ ὑποψήφιοι.
ΣΑΪΓΚΟΝ, 3. (Ρώυτερ). — Οἱ ὑποψήφιοι.
ΣΑΪΓΚΟΝ, 3. (Ρώυτερ). — Οἱ ὑποψήφιοι.
ΕΓΚΥΡΟΣ ΟΙΚΟΝΟΜΙΚΗ ΕΦΗΜΕΡΙΣ ΤΗΣ ΖΥΡΙΧΗΣ ΕΠΙΚΡΟΤΕΙ ΤΗΝ ΠΕΡΙΟΡΙΣΜΟΝ ΤΩΝ ΔΑΠΑΝΩΝ
ΖΥΡΙΧΗ, 3. (Ἀθην. Πρακτ.). — Ἀπὸ τὴν ἐφημερίδα.
ΖΥΡΙΧΗ, 3. (Ἀθην. Πρακτ.). — Ἀπὸ τὴν ἐφημερίδα.
ΖΥΡΙΧΗ, 3. (Ἀθην. Πρακτ.). — Ἀπὸ τὴν ἐφημερίδα.
ΖΥΡΙΧΗ, 3. (Ἀθην. Πρακτ.). — Ἀπὸ τὴν ἐφημερίδα.
ΖΥΡΙΧΗ, 3. (Ἀθην. Πρακτ.). — Ἀπὸ τὴν ἐφημερίδα.
Ο ΥΦΥΠΟΥΡΓΟΣ ΤΗΣ ΠΡΟΕΔΡΙΑΣ ΕΔΕΧΘΗ ΞΕΝΟΥΣ ΚΑΘΗΓΗΤΑΣ ΚΑΙ ΑΚΑΔΗΜΑΪΚΟΥΣ
ΑΘΗΝΑΙ, 3. — Ὁ ὑφυπουργός.
ΑΘΗΝΑΙ, 3. — Ὁ ὑφυπουργός.
ΑΘΗΝΑΙ, 3. — Ὁ ὑφυπουργός.
ΑΘΗΝΑΙ, 3. — Ὁ ὑφυπουργός.
ΑΙ ΗΝ. ΠΟΛΙΤΕΙΑΙ ΑΝΕΛΑΒΟΝ ΝΑ ΚΑΛΥΨΟΥΝ ΤΑΣ ΕΙΣ ΠΕΤΡΕΛΑΙΑ ΑΝΑΓΚΑΣ ΤΗΣ Δ. ΕΥΡΩΠΗΣ
ΟΥΑΣΙΓΚΤΩΝ, 3. (Ρώυτερ). — Αἱ Ἡνωμ. Πολιτεῖαι.
ΟΥΑΣΙΓΚΤΩΝ, 3. (Ρώυτερ). — Αἱ Ἡνωμ. Πολιτεῖαι.
ΟΥΑΣΙΓΚΤΩΝ, 3. (Ρώυτερ). — Αἱ Ἡνωμ. Πολιτεῖαι.
ΟΥΑΣΙΓΚΤΩΝ, 3. (Ρώυτερ). — Αἱ Ἡνωμ. Πολιτεῖαι.
